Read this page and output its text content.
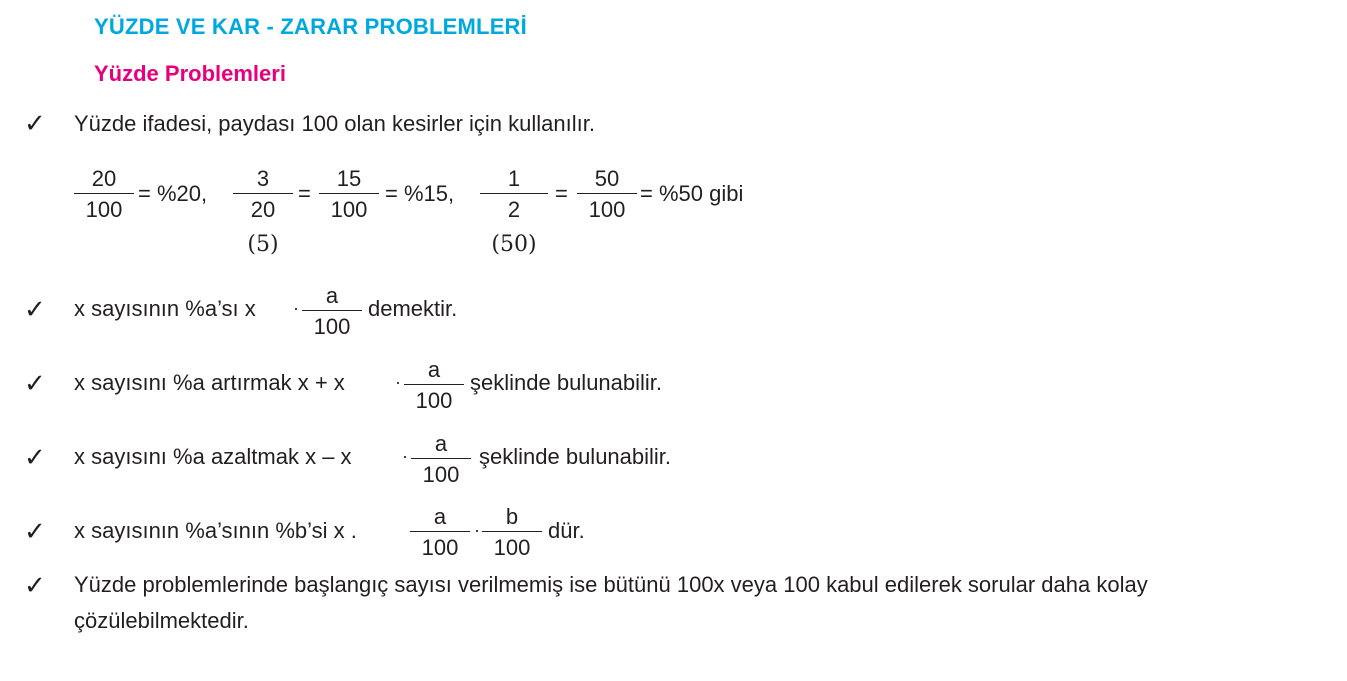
YÜZDE VE KAR - ZARAR PROBLEMLERİ
Yüzde Problemleri
✓ Yüzde ifadesi, paydası 100 olan kesirler için kullanılır.
20
100
= %20,
3
20
(5)
=
15
100
= %15,
1
2
(50)
=
50
100
= %50 gibi
✓ x sayısının %a’sı x ·	a
100
demektir.
✓ x sayısını %a artırmak x + x	·	a
100
şeklinde bulunabilir.
✓ x sayısını %a azaltmak x – x	·	a
100
şeklinde bulunabilir.
✓ x sayısının %a’sının %b’si x .
a
100
·
b
100
dür.
✓ Yüzde problemlerinde başlangıç sayısı verilmemiş ise bütünü 100x veya 100 kabul edilerek sorular daha kolay
çözülebilmektedir.
